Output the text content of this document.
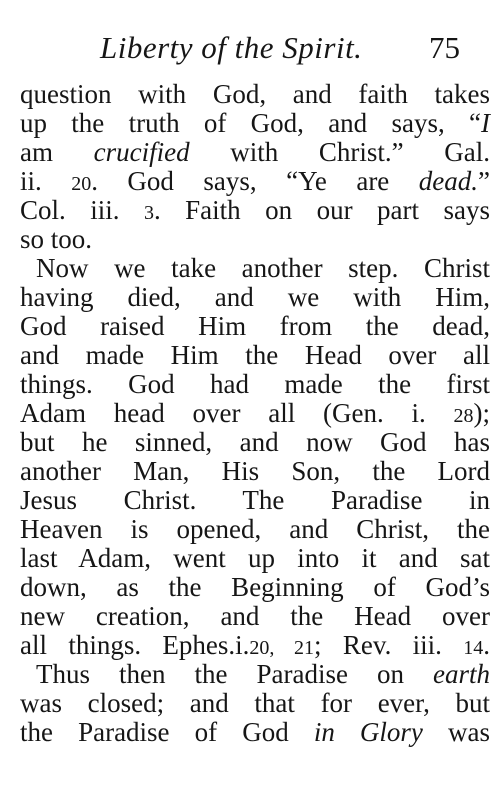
Liberty of the Spirit. 75
question with God, and faith takes
up the truth of God, and says, “I
am crucified with Christ.” Gal.
ii. 20. God says, “Ye are dead.”
Col. iii. 3. Faith on our part says
so too.
Now we take another step. Christ
having died, and we with Him,
God raised Him from the dead,
and made Him the Head over all
things. God had made the first
Adam head over all (Gen. i. 28);
but he sinned, and now God has
another Man, His Son, the Lord
Jesus Christ. The Paradise in
Heaven is opened, and Christ, the
last Adam, went up into it and sat
down, as the Beginning of God’s
new creation, and the Head over
all things. Ephes.i.20, 21; Rev. iii. 14.
Thus then the Paradise on earth
was closed; and that for ever, but
the Paradise of God in Glory was
